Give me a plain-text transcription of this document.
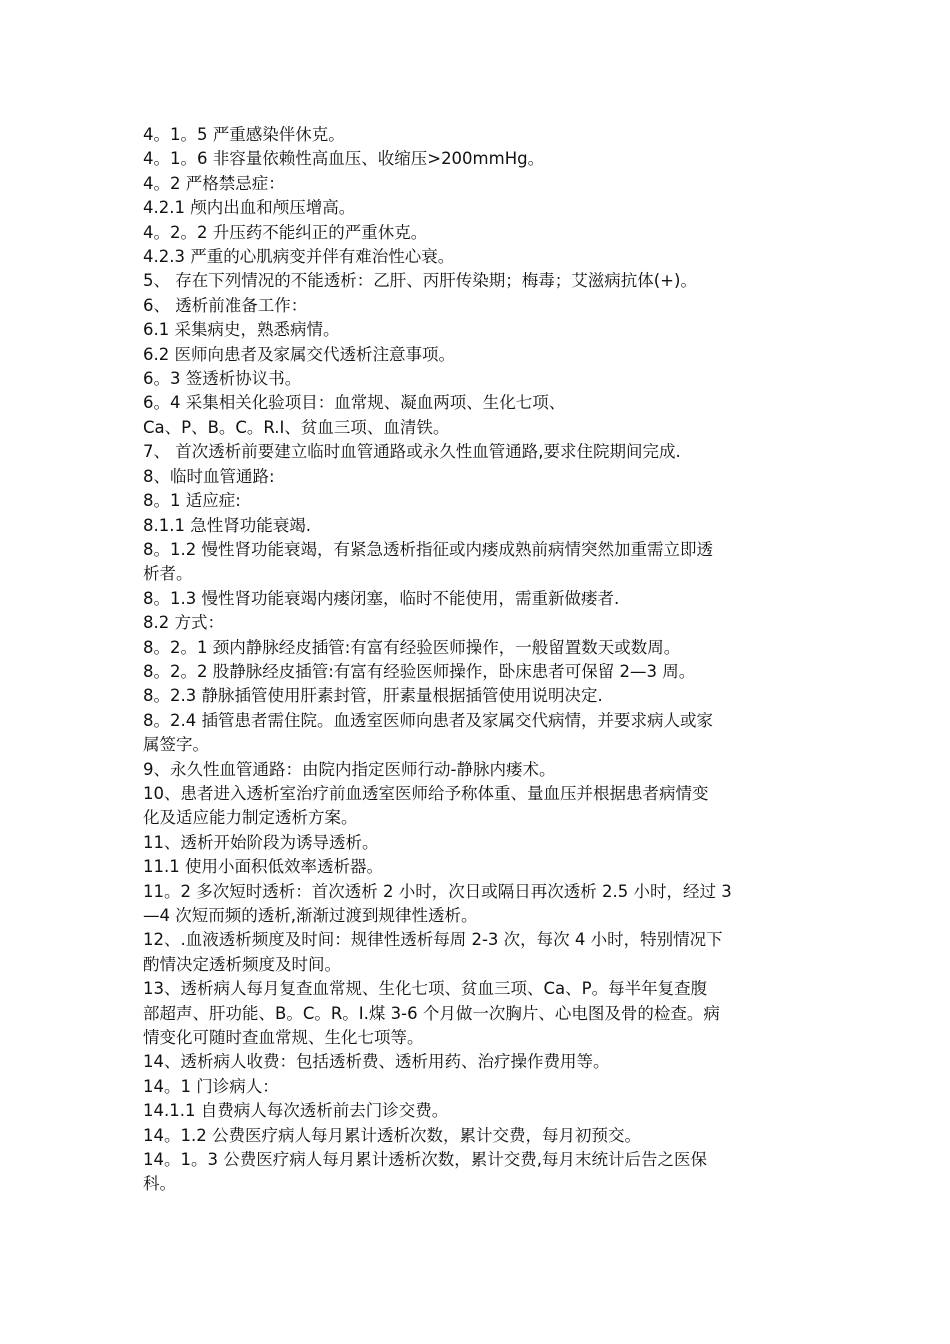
4。1。5 严重感染伴休克。

4。1。6 非容量依赖性高血压、收缩压>200mmHg。

4。2 严格禁忌症：

4.2.1 颅内出血和颅压增高。

4。2。2 升压药不能纠正的严重休克。

4.2.3 严重的心肌病变并伴有难治性心衰。

5、 存在下列情况的不能透析：乙肝、丙肝传染期；梅毒；艾滋病抗体(+)。

6、 透析前准备工作：

6.1 采集病史，熟悉病情。

6.2 医师向患者及家属交代透析注意事项。

6。3 签透析协议书。

6。4 采集相关化验项目：血常规、凝血两项、生化七项、

Ca、P、B。C。R.I、贫血三项、血清铁。

7、 首次透析前要建立临时血管通路或永久性血管通路,要求住院期间完成.

8、临时血管通路:

8。1 适应症:

8.1.1 急性肾功能衰竭.

8。1.2 慢性肾功能衰竭，有紧急透析指征或内瘘成熟前病情突然加重需立即透

析者。

8。1.3 慢性肾功能衰竭内瘘闭塞，临时不能使用，需重新做瘘者.

8.2 方式：

8。2。1 颈内静脉经皮插管:有富有经验医师操作，一般留置数天或数周。

8。2。2 股静脉经皮插管:有富有经验医师操作，卧床患者可保留 2—3 周。

8。2.3 静脉插管使用肝素封管，肝素量根据插管使用说明决定.

8。2.4 插管患者需住院。血透室医师向患者及家属交代病情，并要求病人或家

属签字。

9、永久性血管通路：由院内指定医师行动-静脉内瘘术。

10、患者进入透析室治疗前血透室医师给予称体重、量血压并根据患者病情变

化及适应能力制定透析方案。

11、透析开始阶段为诱导透析。

11.1 使用小面积低效率透析器。

11。2 多次短时透析：首次透析 2 小时，次日或隔日再次透析 2.5 小时，经过 3

—4 次短而频的透析,渐渐过渡到规律性透析。

12、.血液透析频度及时间：规律性透析每周 2-3 次，每次 4 小时，特别情况下

酌情决定透析频度及时间。

13、透析病人每月复查血常规、生化七项、贫血三项、Ca、P。每半年复查腹

部超声、肝功能、B。C。R。I.煤 3-6 个月做一次胸片、心电图及骨的检查。病

情变化可随时查血常规、生化七项等。

14、透析病人收费：包括透析费、透析用药、治疗操作费用等。

14。1 门诊病人：

14.1.1 自费病人每次透析前去门诊交费。

14。1.2 公费医疗病人每月累计透析次数，累计交费，每月初预交。

14。1。3 公费医疗病人每月累计透析次数，累计交费,每月末统计后告之医保

科。
